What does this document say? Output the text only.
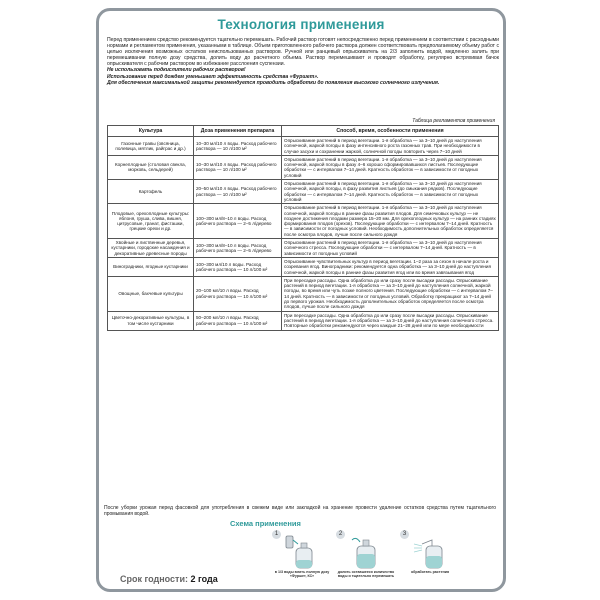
Технология применения

Перед применением средство рекомендуется тщательно перемешать. Рабочий раствор готовят непосредственно перед применением в соответствии с расходными нормами и регламентом применения, указанными в таблице. Объем приготовленного рабочего раствора должен соответствовать предполагаемому объему работ с целью исключения возможных остатков неиспользованных растворов. Ручной или ранцевый опрыскиватель на 2/3 заполнить водой, медленно залить при перемешивании полную дозу средства, долить воду до расчетного объема. Раствор перемешивают и проводят обработку, регулярно встряхивая бачок опрыскивателя с рабочим раствором во избежание расслоения суспензии.

Не использовать подкислители рабочих растворов!

Использование перед дождем уменьшает эффективность средства «Фуршет».

Для обеспечения максимальной защиты рекомендуется проводить обработки до появления высокого солнечного излучения.

Таблица регламентов применения
Культура	Доза применения препарата	Способ, время, особенности применения
Газонные травы (овсяница, полевица, мятлик, райграс и др.)	10–30 мл/10 л воды. Расход рабочего раствора — 10 л/100 м²	Опрыскивание растений в период вегетации. 1-я обработка — за 3–10 дней до наступления солнечной, жаркой погоды в фазу интенсивного роста газонных трав. При необходимости в случае засухи и сохранении жаркой, солнечной погоды повторить через 7–10 дней
Корнеплодные (столовая свекла, морковь, сельдерей)	10–30 мл/10 л воды. Расход рабочего раствора — 10 л/100 м²	Опрыскивание растений в период вегетации. 1-я обработка — за 3–10 дней до наступления солнечной, жаркой погоды в фазу 4–6 хорошо сформировавшихся листьев. Последующие обработки — с интервалом 7–14 дней. Кратность обработок — в зависимости от погодных условий
Картофель	20–50 мл/10 л воды. Расход рабочего раствора — 10 л/100 м²	Опрыскивание растений в период вегетации. 1-я обработка — за 3–10 дней до наступления солнечной, жаркой погоды, в фазу развития листьев (до смыкания рядков). Последующие обработки — с интервалом 7–14 дней. Кратность обработок — в зависимости от погодных условий
Плодовые, орехоплодные культуры: яблоня, груша, слива, вишня, цитрусовые, гранат, фисташки, грецкие орехи и др.	100–300 мл/8–10 л воды. Расход рабочего раствора — 2–5 л/дерево	Опрыскивание растений в период вегетации. 1-я обработка — за 3–10 дней до наступления солнечной, жаркой погоды в ранние фазы развития плодов. Для семечковых культур — не позднее достижения плодами размера 15–20 мм. Для орехоплодных культур — на ранних стадиях формирования плодов (орехов). Последующие обработки — с интервалом 7–14 дней. Кратность — в зависимости от погодных условий. Необходимость дополнительных обработок определяется после осмотра плодов, лучше после сильного дождя
Хвойные и лиственные деревья, кустарники, городские насаждения и декоративные древесные породы	100–300 мл/8–10 л воды. Расход рабочего раствора — 2–5 л/дерево	Опрыскивание растений в период вегетации. 1-я обработка — за 3–10 дней до наступления солнечного стресса. Последующие обработки — с интервалом 7–14 дней. Кратность — в зависимости от погодных условий
Виноградники, ягодные кустарники	100–300 мл/10 л воды. Расход рабочего раствора — 10 л/100 м²	Опрыскивание чувствительных культур в период вегетации. 1–2 раза за сезон в начале роста и созревания ягод. Виноградники: рекомендуется одна обработка — за 3–10 дней до наступления солнечной, жаркой погоды в ранние фазы развития ягод или во время завязывания ягод
Овощные, бахчевые культуры	20–100 мл/10 л воды. Расход рабочего раствора — 10 л/100 м²	При пересадке рассады. Одна обработка до или сразу после высадки рассады. Опрыскивание растений в период вегетации. 1-я обработка — за 3–10 дней до наступления солнечной, жаркой погоды, во время или чуть позже полного цветения. Последующие обработки — с интервалом 7–14 дней. Кратность — в зависимости от погодных условий. Обработку прекращают за 7–14 дней до первого урожая. Необходимость дополнительных обработок определяется после осмотра плодов, лучше после сильного дождя
Цветочно-декоративные культуры, в том числе кустарники	50–200 мл/10 л воды. Расход рабочего раствора — 10 л/100 м²	При пересадке рассады. Одна обработка до или сразу после высадки рассады. Опрыскивание растений в период вегетации. 1-я обработка — за 3–10 дней до наступления солнечного стресса. Повторные обработки рекомендуются через каждые 21–28 дней или по мере необходимости
После уборки урожая перед фасовкой для употребления в свежем виде или закладкой на хранение провести удаление остатков средства путем тщательного промывания водой.
Схема применения
1
в 1/3 воды влить полную дозу «Фуршет, КС»
2
долить оставшееся количество воды и тщательно перемешать
3
обработать растения
Срок годности: 2 года
